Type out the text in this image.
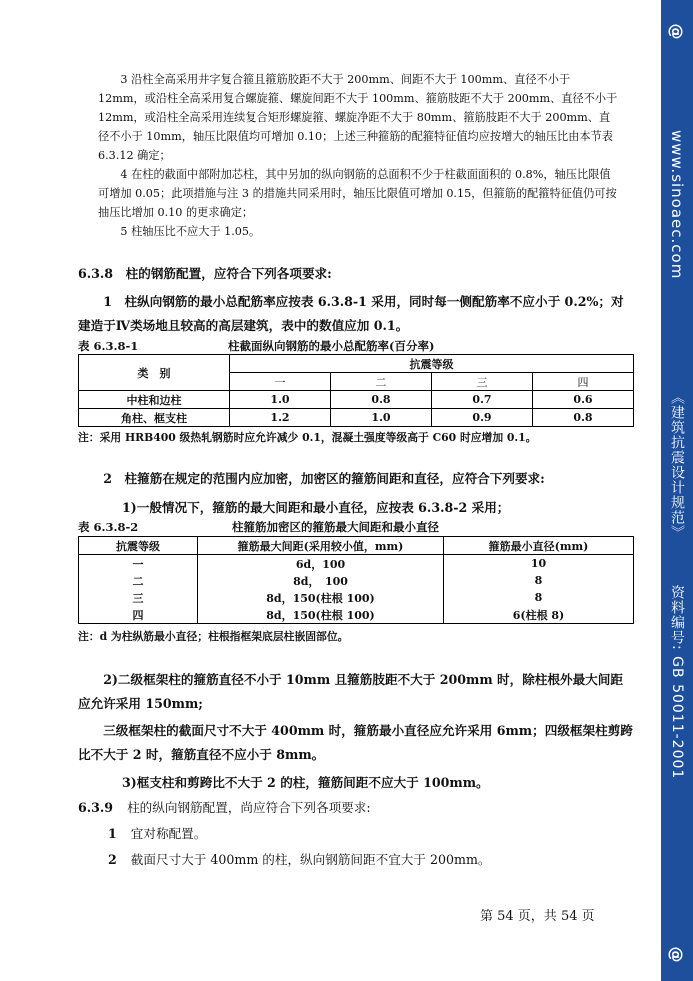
3 沿柱全高采用井字复合箍且箍筋胶距不大于 200mm、间距不大于 100mm、直径不小于 12mm，或沿柱全高采用复合螺旋箍、螺旋间距不大于 100mm、箍筋肢距不大于 200mm、直径不小于 12mm，或沿柱全高采用连续复合矩形螺旋箍、螺旋净距不大于 80mm、箍筋肢距不大于 200mm、直径不小于 10mm，轴压比限值均可增加 0.10；上述三种箍筋的配箍特征值均应按增大的轴压比由本节表 6.3.12 确定；

4 在柱的截面中部附加芯柱，其中另加的纵向钢筋的总面积不少于柱截面面积的 0.8%，轴压比限值可增加 0.05；此项措施与注 3 的措施共同采用时，轴压比限值可增加 0.15，但箍筋的配箍特征值仍可按抽压比增加 0.10 的更求确定；

5 柱轴压比不应大于 1.05。

6.3.8　柱的钢筋配置，应符合下列各项要求:

1　柱纵向钢筋的最小总配筋率应按表 6.3.8-1 采用，同时每一侧配筋率不应小于 0.2%；对建造于Ⅳ类场地且较高的高层建筑，表中的数值应加 0.1。

表 6.3.8-1	柱截面纵向钢筋的最小总配筋率(百分率)
类　别	抗震等级			
	一	二	三	四
中柱和边柱	1.0	0.8	0.7	0.6
角柱、框支柱	1.2	1.0	0.9	0.8
注：采用 HRB400 级热轧钢筋时应允许减少 0.1，混凝土强度等级高于 C60 时应增加 0.1。

2　柱箍筋在规定的范围内应加密，加密区的箍筋间距和直径，应符合下列要求:

1)一般情况下，箍筋的最大间距和最小直径，应按表 6.3.8-2 采用；

表 6.3.8-2	柱箍筋加密区的箍筋最大间距和最小直径
抗震等级	箍筋最大间距(采用较小值，mm)	箍筋最小直径(mm)
一	6d，100	10
二	8d，　100	8
三	8d，150(柱根 100)	8
四	8d，150(柱根 100)	6(柱根 8)
注：d 为柱纵筋最小直径；柱根指框架底层柱嵌固部位。

2)二级框架柱的箍筋直径不小于 10mm 且箍筋肢距不大于 200mm 时，除柱根外最大间距应允许采用 150mm;

三级框架柱的截面尺寸不大于 400mm 时，箍筋最小直径应允许采用 6mm；四级框架柱剪跨比不大于 2 时，箍筋直径不应小于 8mm。

3)框支柱和剪跨比不大于 2 的柱，箍筋间距不应大于 100mm。

6.3.9 柱的纵向钢筋配置，尚应符合下列各项要求:

1 宜对称配置。

2 截面尺寸大于 400mm 的柱，纵向钢筋间距不宜大于 200mm。

第 54 页，共 54 页
@
www.sinoaec.com
《建筑抗震设计规范》
资料编号: GB 50011-2001
@
